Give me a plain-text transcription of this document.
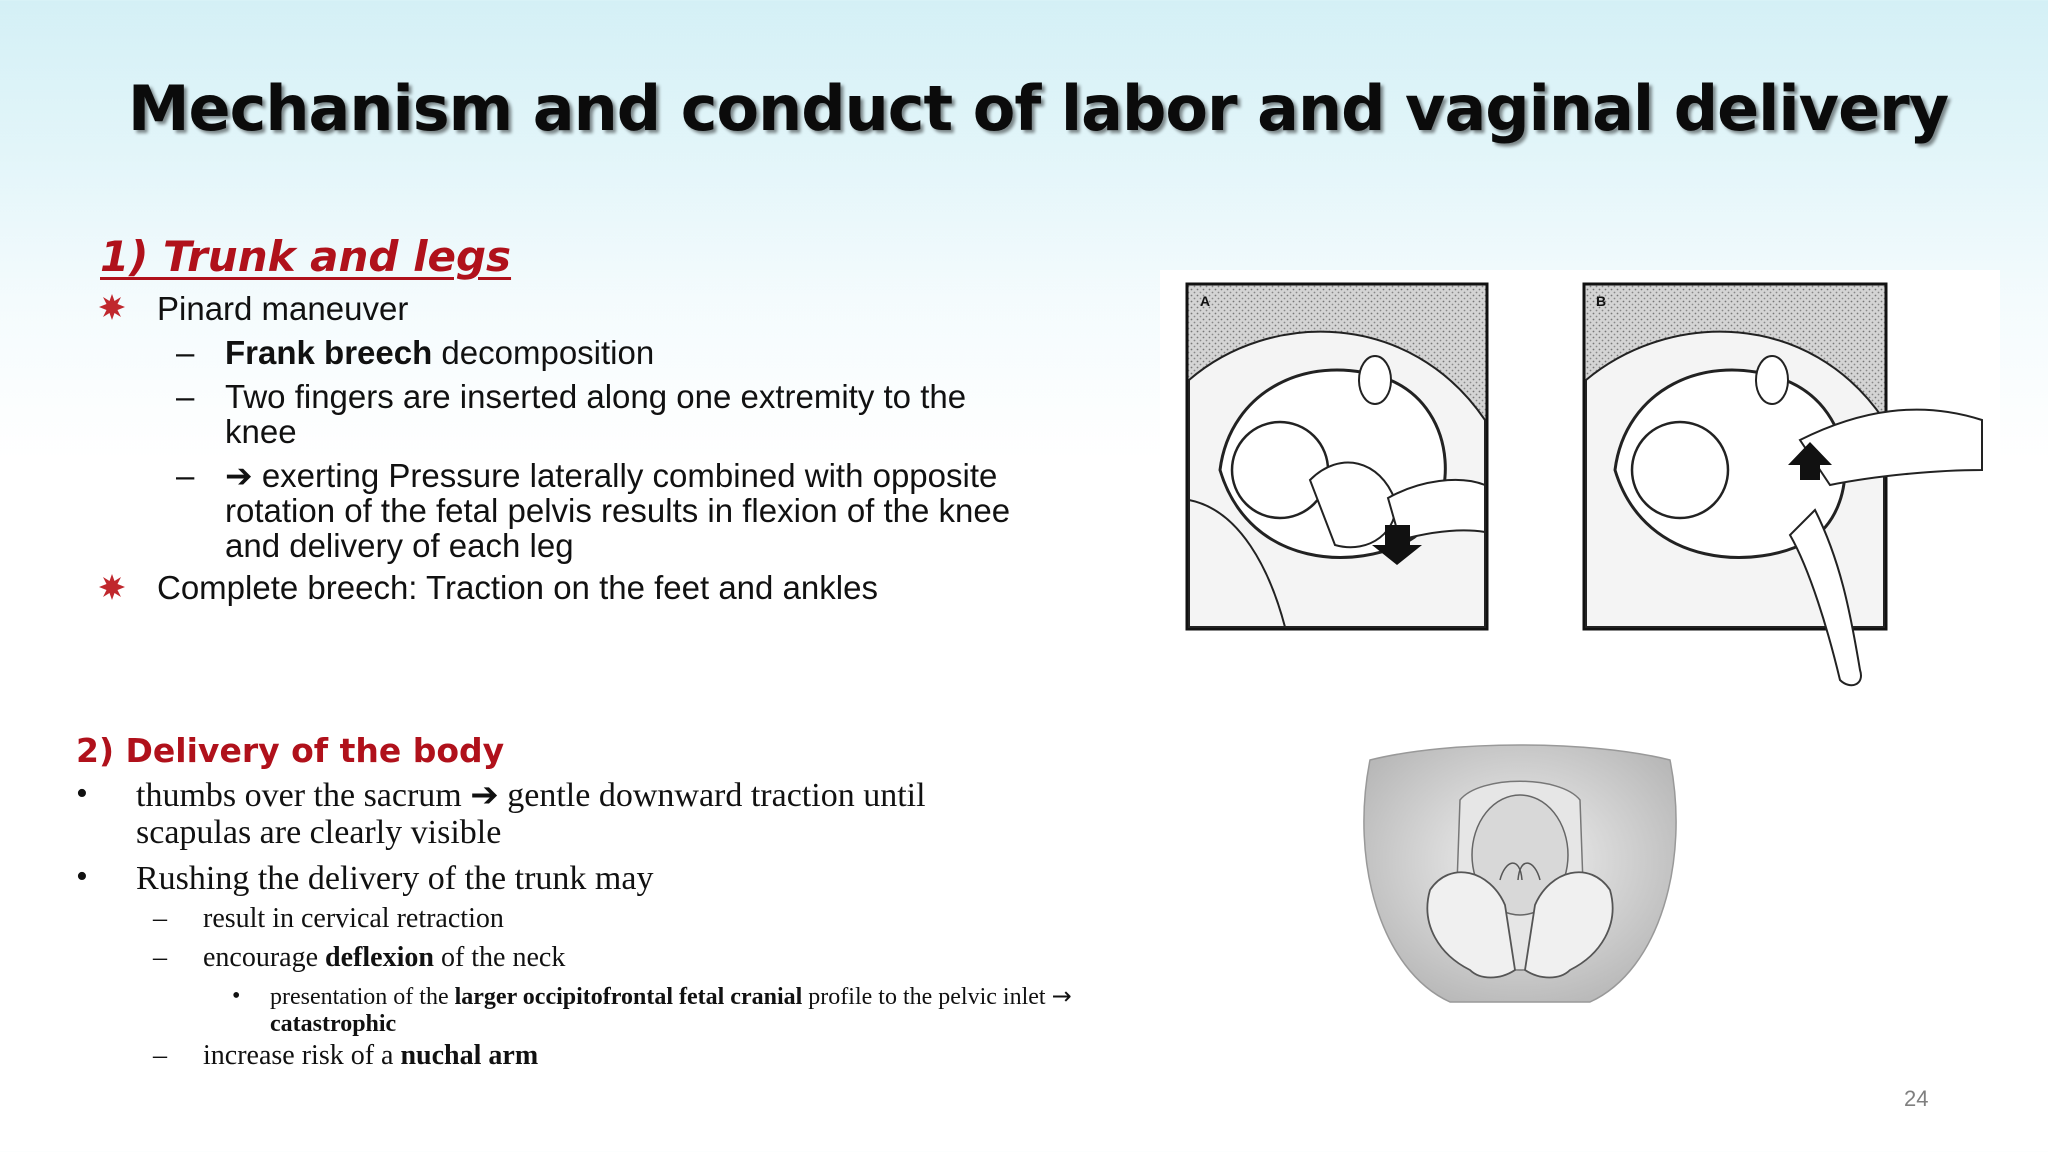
Mechanism and conduct of labor and vaginal delivery
1) Trunk and legs
Pinard maneuver
– Frank breech decomposition
– Two fingers are inserted along one extremity to the
knee
– ➔ exerting Pressure laterally combined with opposite
rotation of the fetal pelvis results in flexion of the knee
and delivery of each leg
Complete breech: Traction on the feet and ankles
A	B
2) Delivery of the body
• thumbs over the sacrum ➔ gentle downward traction until
scapulas are clearly visible
• Rushing the delivery of the trunk may
– result in cervical retraction
– encourage deflexion of the neck
• presentation of the larger occipitofrontal fetal cranial profile to the pelvic inlet →
catastrophic
– increase risk of a nuchal arm
24
